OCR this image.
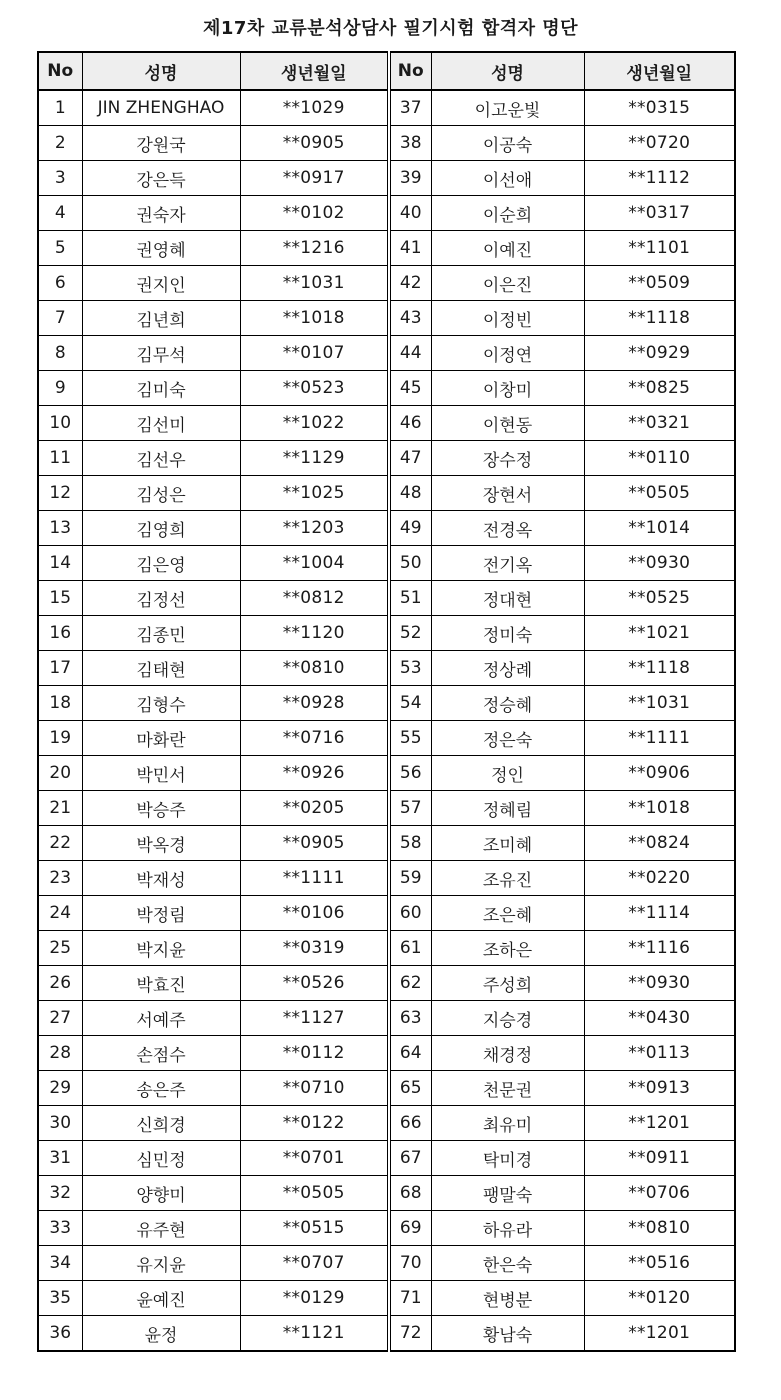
제17차 교류분석상담사 필기시험 합격자 명단
No	성명	생년월일	No	성명	생년월일
1	JIN ZHENGHAO	**1029	37	이고운빛	**0315
2	강원국	**0905	38	이공숙	**0720
3	강은득	**0917	39	이선애	**1112
4	권숙자	**0102	40	이순희	**0317
5	권영혜	**1216	41	이예진	**1101
6	권지인	**1031	42	이은진	**0509
7	김년희	**1018	43	이정빈	**1118
8	김무석	**0107	44	이정연	**0929
9	김미숙	**0523	45	이창미	**0825
10	김선미	**1022	46	이현동	**0321
11	김선우	**1129	47	장수정	**0110
12	김성은	**1025	48	장현서	**0505
13	김영희	**1203	49	전경옥	**1014
14	김은영	**1004	50	전기옥	**0930
15	김정선	**0812	51	정대현	**0525
16	김종민	**1120	52	정미숙	**1021
17	김태현	**0810	53	정상례	**1118
18	김형수	**0928	54	정승혜	**1031
19	마화란	**0716	55	정은숙	**1111
20	박민서	**0926	56	정인	**0906
21	박승주	**0205	57	정혜림	**1018
22	박옥경	**0905	58	조미혜	**0824
23	박재성	**1111	59	조유진	**0220
24	박정림	**0106	60	조은혜	**1114
25	박지윤	**0319	61	조하은	**1116
26	박효진	**0526	62	주성희	**0930
27	서예주	**1127	63	지승경	**0430
28	손점수	**0112	64	채경정	**0113
29	송은주	**0710	65	천문권	**0913
30	신희경	**0122	66	최유미	**1201
31	심민정	**0701	67	탁미경	**0911
32	양향미	**0505	68	팽말숙	**0706
33	유주현	**0515	69	하유라	**0810
34	유지윤	**0707	70	한은숙	**0516
35	윤예진	**0129	71	현병분	**0120
36	윤정	**1121	72	황남숙	**1201
